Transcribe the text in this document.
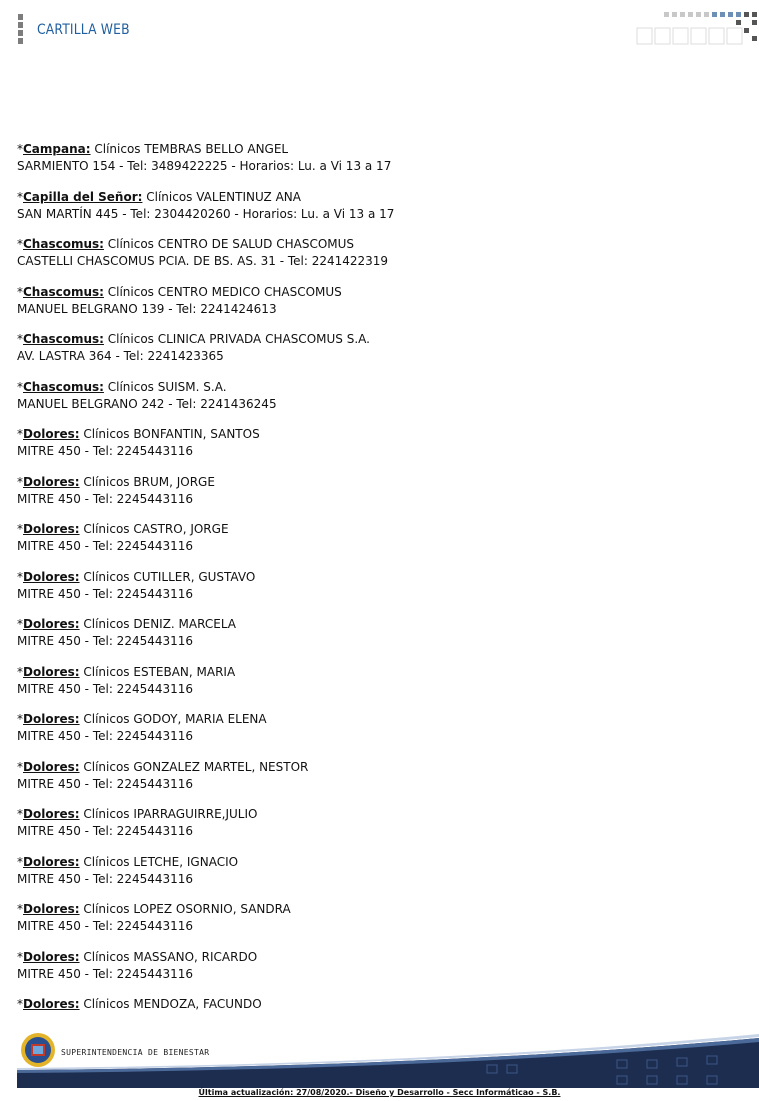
CARTILLA WEB
*Campana: Clínicos TEMBRAS BELLO ANGEL
SARMIENTO 154 - Tel: 3489422225 - Horarios: Lu. a Vi 13 a 17
*Capilla del Señor: Clínicos VALENTINUZ ANA
SAN MARTÍN 445 - Tel: 2304420260 - Horarios: Lu. a Vi 13 a 17
*Chascomus: Clínicos CENTRO DE SALUD CHASCOMUS
CASTELLI CHASCOMUS PCIA. DE BS. AS. 31 - Tel: 2241422319
*Chascomus: Clínicos CENTRO MEDICO CHASCOMUS
MANUEL BELGRANO 139 - Tel: 2241424613
*Chascomus: Clínicos CLINICA PRIVADA CHASCOMUS S.A.
AV. LASTRA 364 - Tel: 2241423365
*Chascomus: Clínicos SUISM. S.A.
MANUEL BELGRANO 242 - Tel: 2241436245
*Dolores: Clínicos BONFANTIN, SANTOS
MITRE 450 - Tel: 2245443116
*Dolores: Clínicos BRUM, JORGE
MITRE 450 - Tel: 2245443116
*Dolores: Clínicos CASTRO, JORGE
MITRE 450 - Tel: 2245443116
*Dolores: Clínicos CUTILLER, GUSTAVO
MITRE 450 - Tel: 2245443116
*Dolores: Clínicos DENIZ. MARCELA
MITRE 450 - Tel: 2245443116
*Dolores: Clínicos ESTEBAN, MARIA
MITRE 450 - Tel: 2245443116
*Dolores: Clínicos GODOY, MARIA ELENA
MITRE 450 - Tel: 2245443116
*Dolores: Clínicos GONZALEZ MARTEL, NESTOR
MITRE 450 - Tel: 2245443116
*Dolores: Clínicos IPARRAGUIRRE,JULIO
MITRE 450 - Tel: 2245443116
*Dolores: Clínicos LETCHE, IGNACIO
MITRE 450 - Tel: 2245443116
*Dolores: Clínicos LOPEZ OSORNIO, SANDRA
MITRE 450 - Tel: 2245443116
*Dolores: Clínicos MASSANO, RICARDO
MITRE 450 - Tel: 2245443116
*Dolores: Clínicos MENDOZA, FACUNDO
SUPERINTENDENCIA DE BIENESTAR
Última actualización: 27/08/2020.- Diseño y Desarrollo - Secc Informáticao - S.B.
